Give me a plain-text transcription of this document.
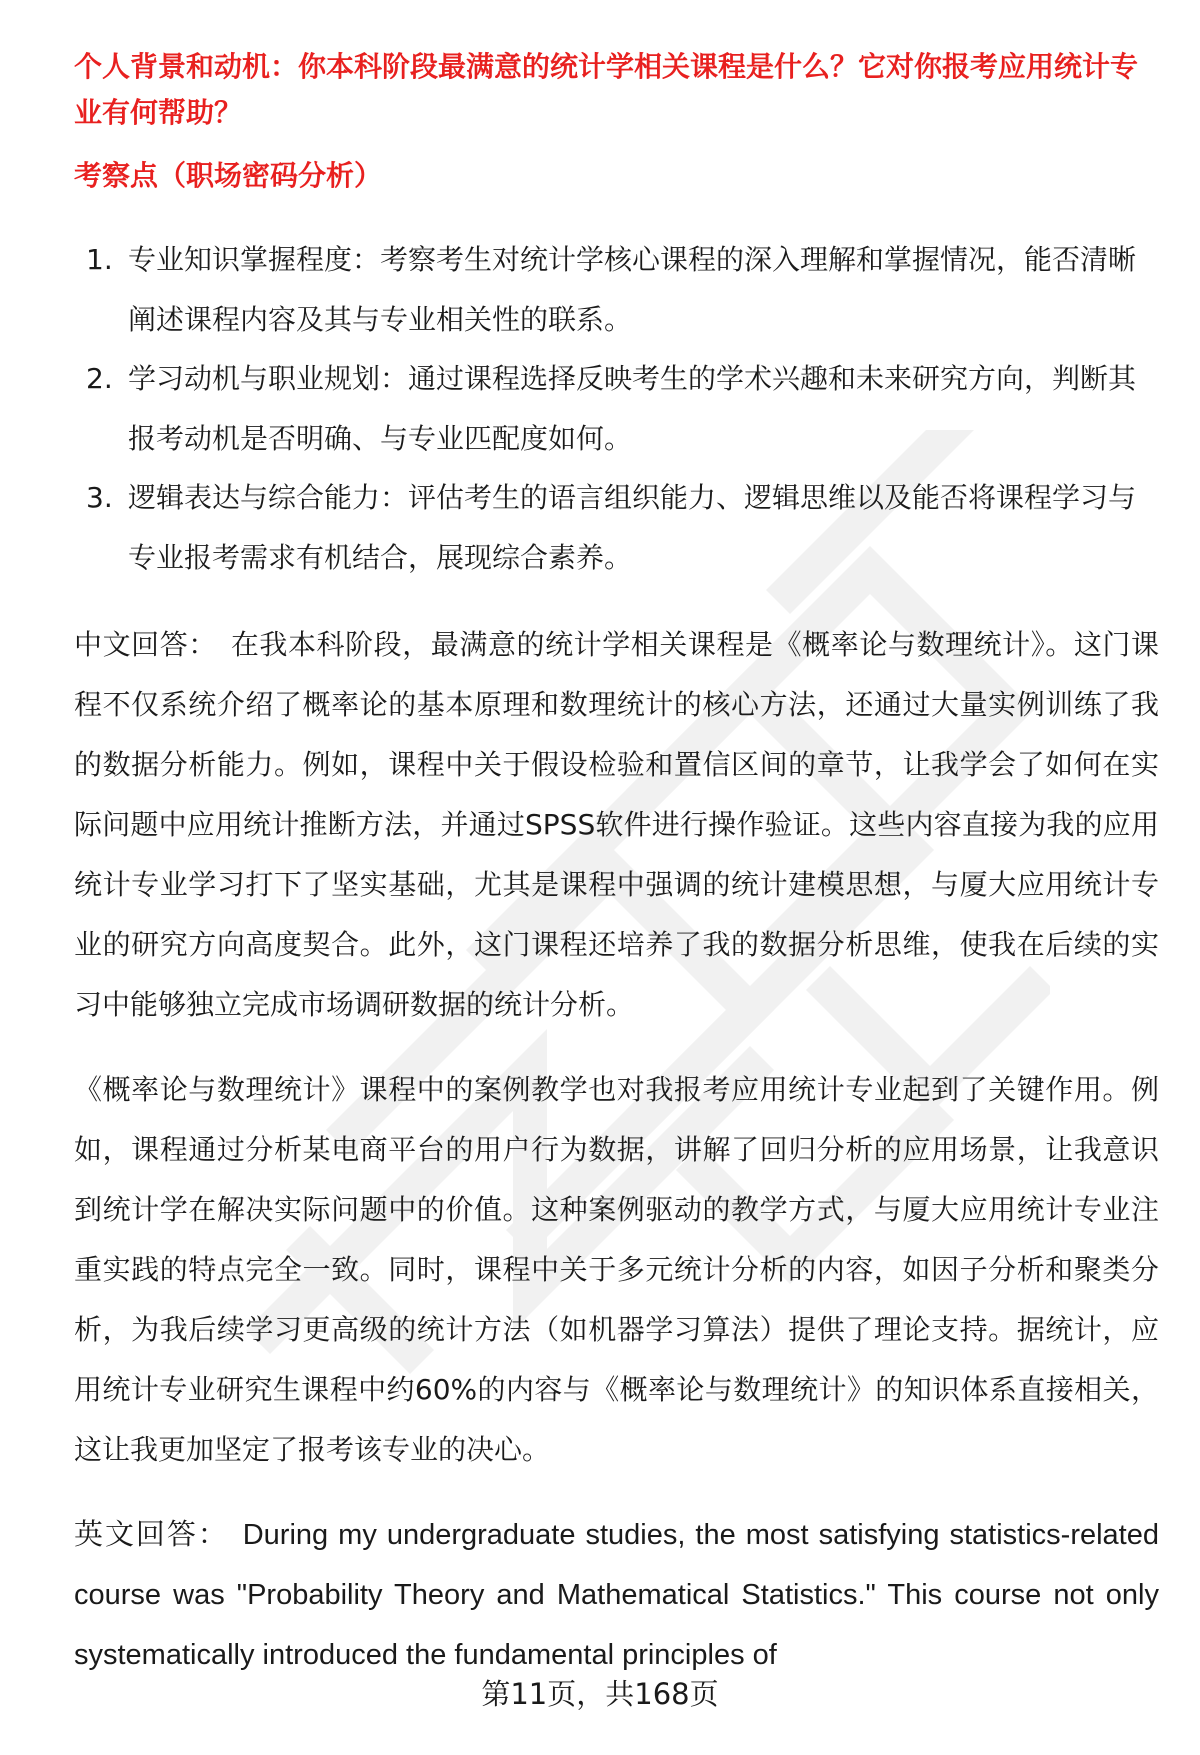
个人背景和动机：你本科阶段最满意的统计学相关课程是什么？它对你报考应用统计专业有何帮助？
考察点（职场密码分析）
1. 专业知识掌握程度：考察考生对统计学核心课程的深入理解和掌握情况，能否清晰阐述课程内容及其与专业相关性的联系。
2. 学习动机与职业规划：通过课程选择反映考生的学术兴趣和未来研究方向，判断其报考动机是否明确、与专业匹配度如何。
3. 逻辑表达与综合能力：评估考生的语言组织能力、逻辑思维以及能否将课程学习与专业报考需求有机结合，展现综合素养。

中文回答： 在我本科阶段，最满意的统计学相关课程是《概率论与数理统计》。这门课程不仅系统介绍了概率论的基本原理和数理统计的核心方法，还通过大量实例训练了我的数据分析能力。例如，课程中关于假设检验和置信区间的章节，让我学会了如何在实际问题中应用统计推断方法，并通过SPSS软件进行操作验证。这些内容直接为我的应用统计专业学习打下了坚实基础，尤其是课程中强调的统计建模思想，与厦大应用统计专业的研究方向高度契合。此外，这门课程还培养了我的数据分析思维，使我在后续的实习中能够独立完成市场调研数据的统计分析。

《概率论与数理统计》课程中的案例教学也对我报考应用统计专业起到了关键作用。例如，课程通过分析某电商平台的用户行为数据，讲解了回归分析的应用场景，让我意识到统计学在解决实际问题中的价值。这种案例驱动的教学方式，与厦大应用统计专业注重实践的特点完全一致。同时，课程中关于多元统计分析的内容，如因子分析和聚类分析，为我后续学习更高级的统计方法（如机器学习算法）提供了理论支持。据统计，应用统计专业研究生课程中约60%的内容与《概率论与数理统计》的知识体系直接相关，这让我更加坚定了报考该专业的决心。

英文回答： During my undergraduate studies, the most satisfying statistics-related course was "Probability Theory and Mathematical Statistics." This course not only systematically introduced the fundamental principles of

第11页，共168页
